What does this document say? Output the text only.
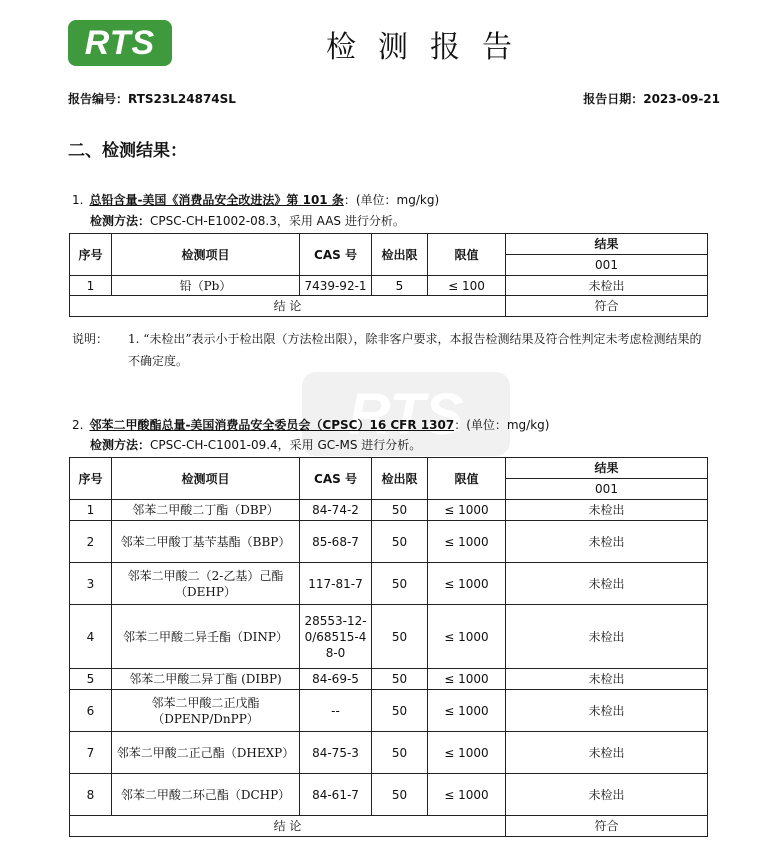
RTS	检测报告
报告编号：RTS23L24874SL	报告日期：2023-09-21
二、检测结果：
1. 总铅含量-美国《消费品安全改进法》第 101 条：(单位：mg/kg)
检测方法：CPSC-CH-E1002-08.3，采用 AAS 进行分析。
序号	检测项目	CAS 号	检出限	限值	结果
					001
1	铅（Pb）	7439-92-1	5	≤ 100	未检出
结 论					符合
说明： 1. “未检出”表示小于检出限（方法检出限），除非客户要求，本报告检测结果及符合性判定未考虑检测结果的不确定度。
RTS
2. 邻苯二甲酸酯总量-美国消费品安全委员会（CPSC）16 CFR 1307：(单位：mg/kg)
检测方法：CPSC-CH-C1001-09.4，采用 GC-MS 进行分析。
序号	检测项目	CAS 号	检出限	限值	结果
					001
1	邻苯二甲酸二丁酯（DBP）	84-74-2	50	≤ 1000	未检出
2	邻苯二甲酸丁基苄基酯（BBP）	85-68-7	50	≤ 1000	未检出
3	邻苯二甲酸二（2-乙基）己酯（DEHP）	117-81-7	50	≤ 1000	未检出
4	邻苯二甲酸二异壬酯（DINP）	28553-12-0/68515-48-0	50	≤ 1000	未检出
5	邻苯二甲酸二异丁酯 (DIBP)	84-69-5	50	≤ 1000	未检出
6	邻苯二甲酸二正戊酯（DPENP/DnPP）	--	50	≤ 1000	未检出
7	邻苯二甲酸二正己酯（DHEXP）	84-75-3	50	≤ 1000	未检出
8	邻苯二甲酸二环己酯（DCHP）	84-61-7	50	≤ 1000	未检出
结 论					符合
